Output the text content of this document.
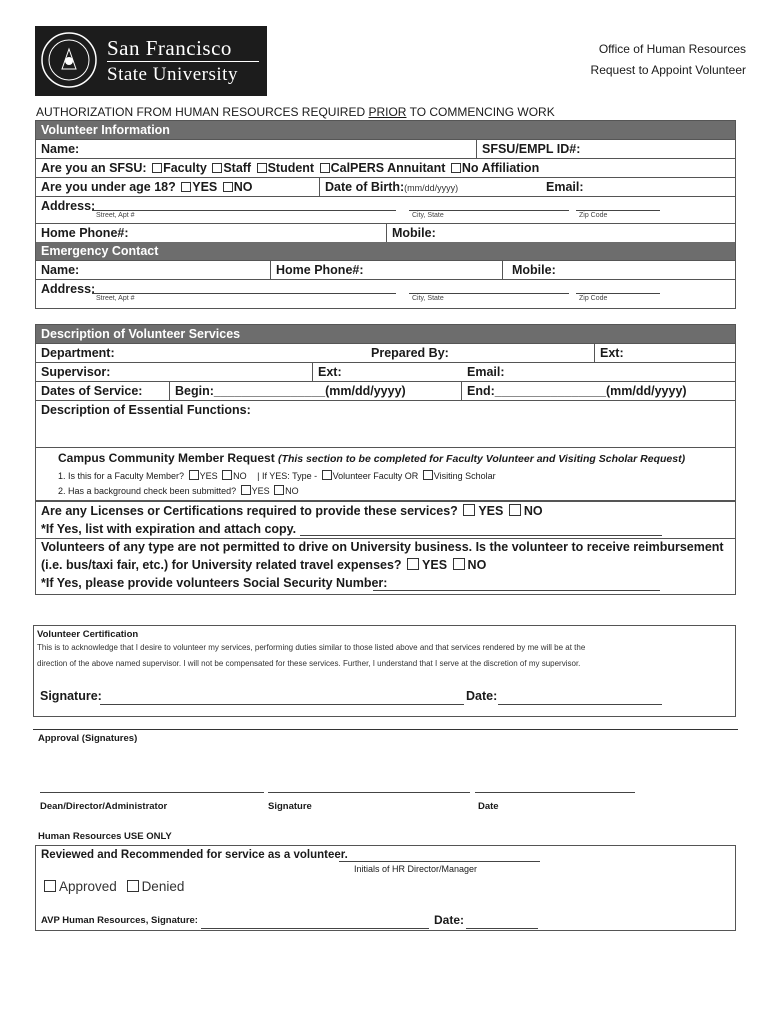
San Francisco
State University
Office of Human Resources
Request to Appoint Volunteer
AUTHORIZATION FROM HUMAN RESOURCES REQUIRED PRIOR TO COMMENCING WORK
Volunteer Information
Name:	SFSU/EMPL ID#:
Are you an SFSU: Faculty Staff Student CalPERS Annuitant No Affiliation
Are you under age 18? YES NO	Date of Birth:(mm/dd/yyyy)	Email:
Address:
Street, Apt #	City, State	Zip Code
Home Phone#:	Mobile:
Emergency Contact
Name:	Home Phone#:	Mobile:
Address:
Street, Apt #	City, State	Zip Code
Description of Volunteer Services
Department:	Prepared By:	Ext:
Supervisor:	Ext:	Email:
Dates of Service:	Begin:________________(mm/dd/yyyy)	End:________________(mm/dd/yyyy)
Description of Essential Functions:
Campus Community Member Request (This section to be completed for Faculty Volunteer and Visiting Scholar Request)
1. Is this for a Faculty Member? YES NO | If YES: Type - Volunteer Faculty OR Visiting Scholar
2. Has a background check been submitted? YES NO
Are any Licenses or Certifications required to provide these services? YES NO
*If Yes, list with expiration and attach copy.
Volunteers of any type are not permitted to drive on University business. Is the volunteer to receive reimbursement
(i.e. bus/taxi fair, etc.) for University related travel expenses? YES NO
*If Yes, please provide volunteers Social Security Number:
Volunteer Certification
This is to acknowledge that I desire to volunteer my services, performing duties similar to those listed above and that services rendered by me will be at the
direction of the above named supervisor. I will not be compensated for these services. Further, I understand that I serve at the discretion of my supervisor.
Signature:	Date:
Approval (Signatures)
Dean/Director/Administrator	Signature	Date
Human Resources USE ONLY
Reviewed and Recommended for service as a volunteer.
Initials of HR Director/Manager
Approved Denied
AVP Human Resources, Signature:	Date:
